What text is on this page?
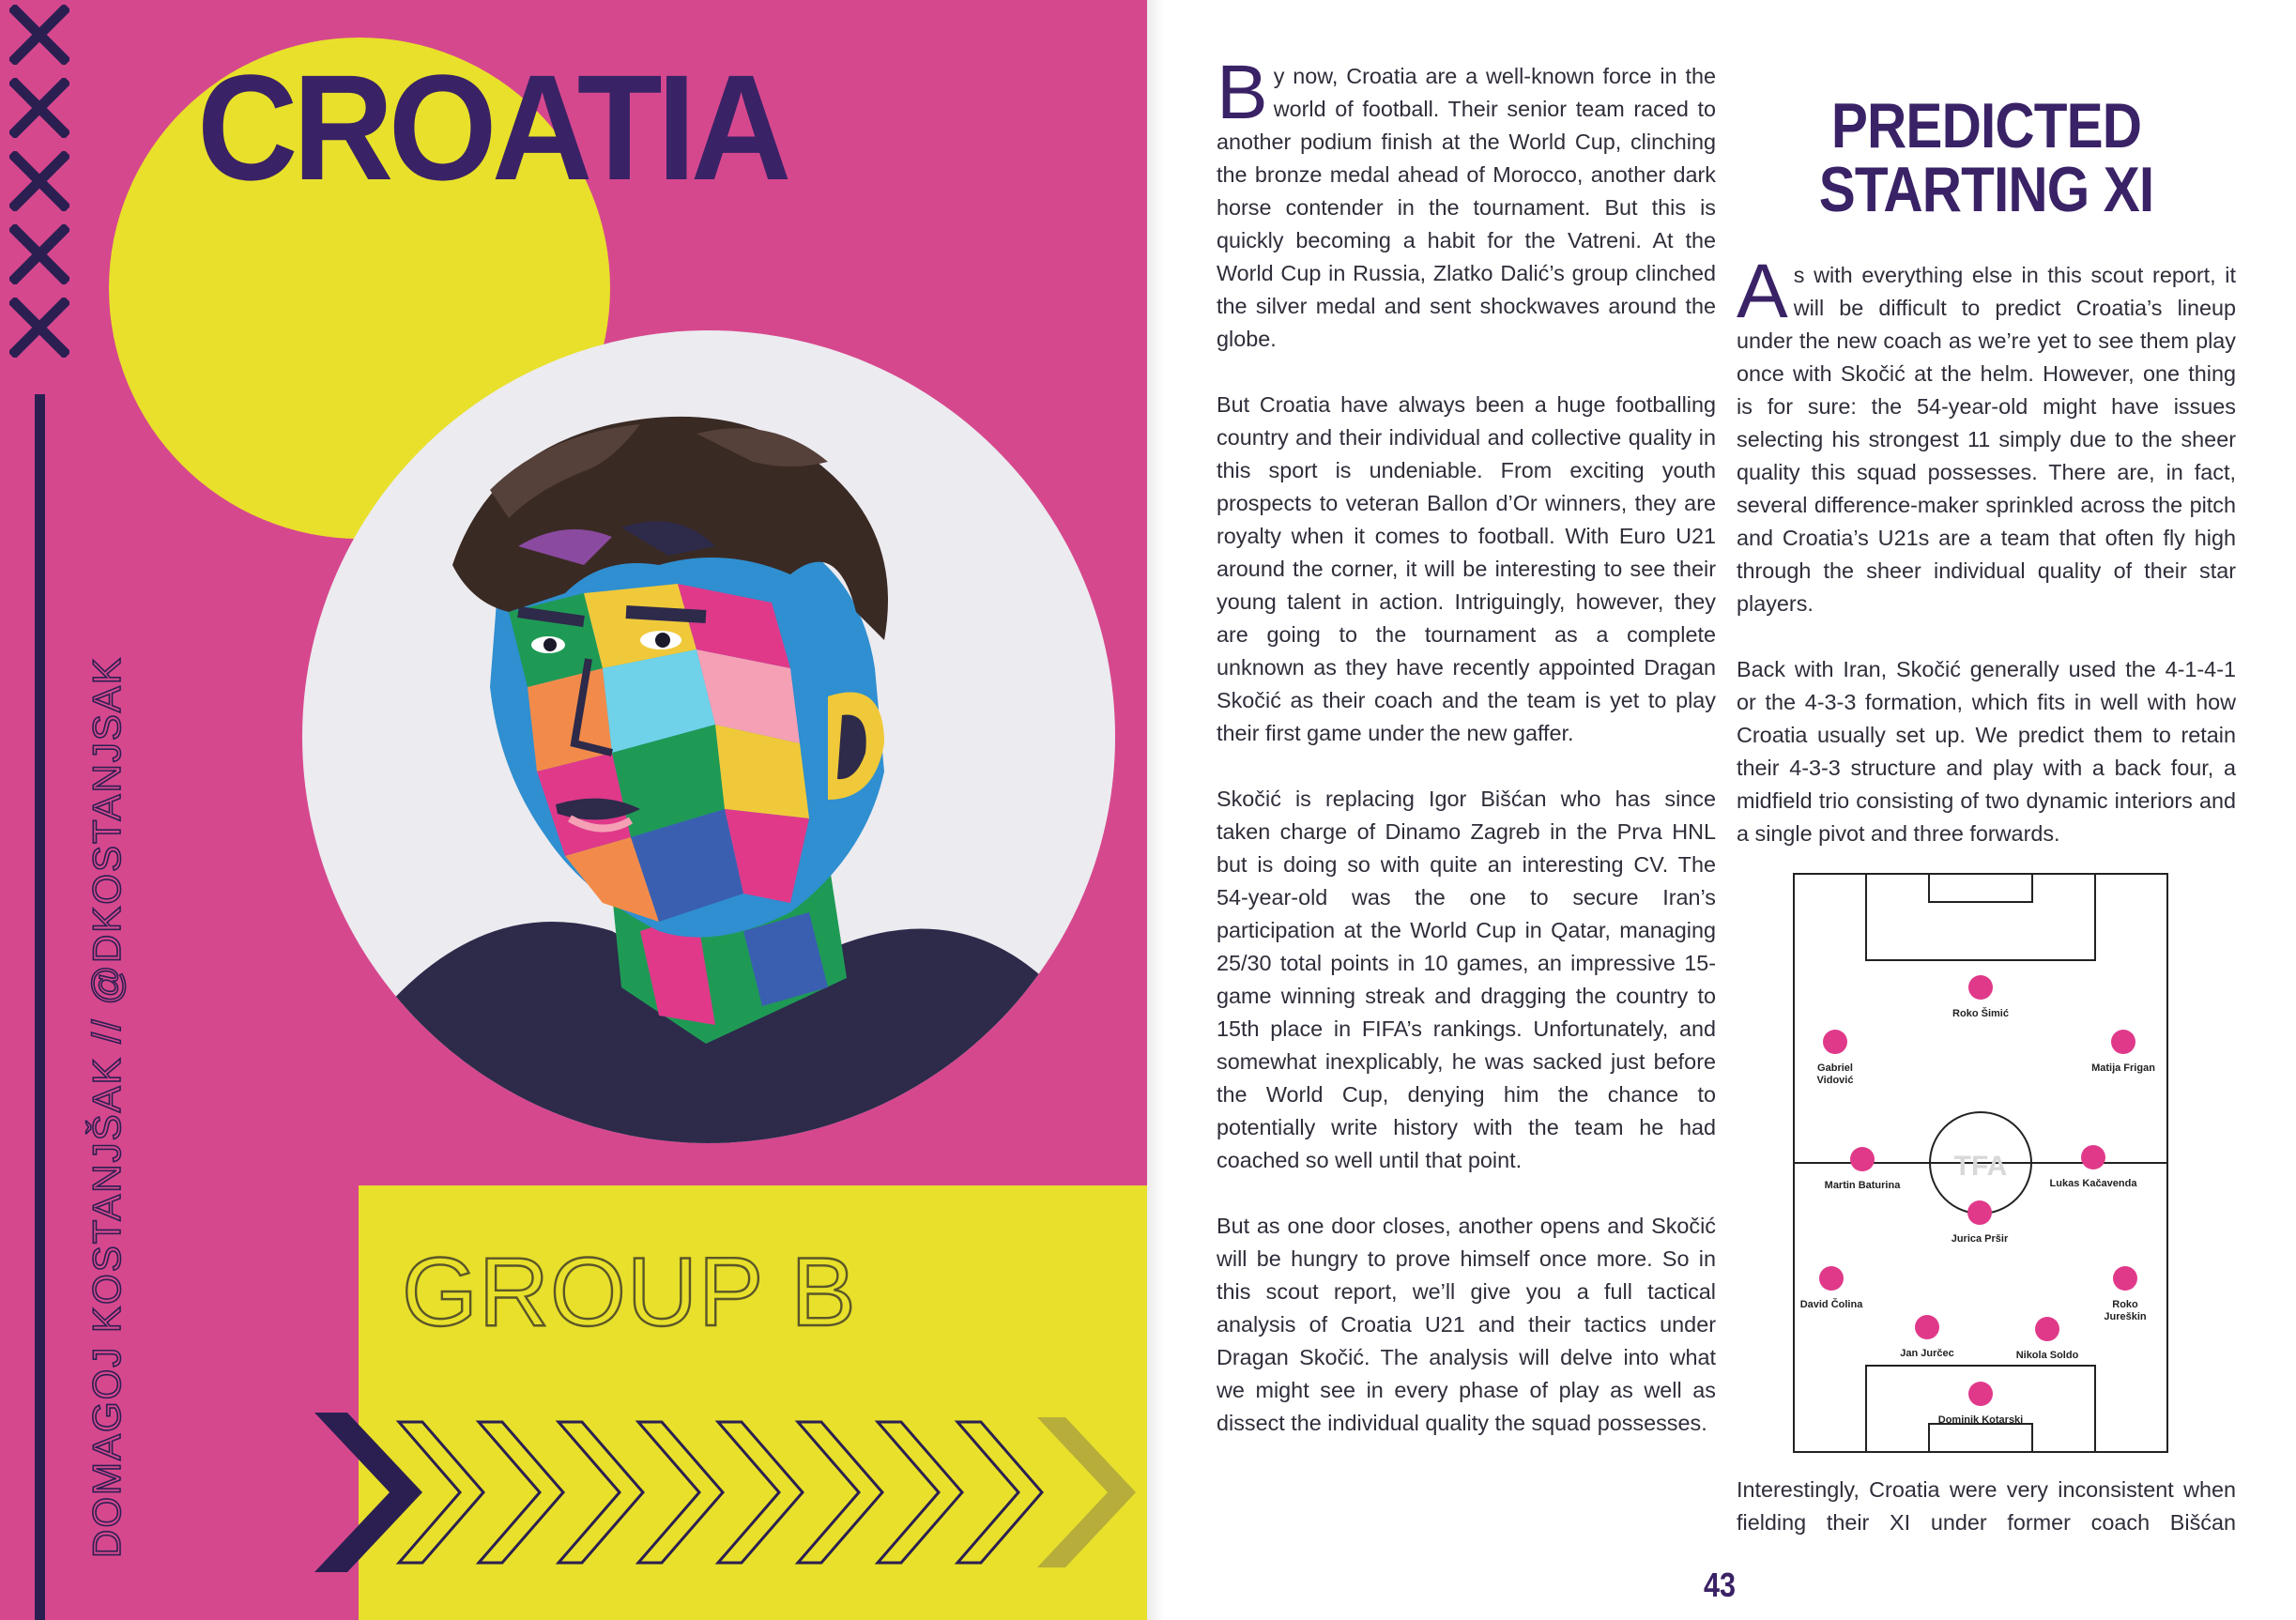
DOMAGOJ KOSTANJŠAK // @DKOSTANJSAK
CROATIA
GROUP B

By now, Croatia are a well-known force in the world of football. Their senior team raced to another podium finish at the World Cup, clinching the bronze medal ahead of Morocco, another dark horse contender in the tournament. But this is quickly becoming a habit for the Vatreni. At the World Cup in Russia, Zlatko Dalić’s group clinched the silver medal and sent shockwaves around the globe.

But Croatia have always been a huge footballing country and their individual and collective quality in this sport is undeniable. From exciting youth prospects to veteran Ballon d’Or winners, they are royalty when it comes to football. With Euro U21 around the corner, it will be interesting to see their young talent in action. Intriguingly, however, they are going to the tournament as a complete unknown as they have recently appointed Dragan Skočić as their coach and the team is yet to play their first game under the new gaffer.

Skočić is replacing Igor Bišćan who has since taken charge of Dinamo Zagreb in the Prva HNL but is doing so with quite an interesting CV. The 54-year-old was the one to secure Iran’s participation at the World Cup in Qatar, managing 25/30 total points in 10 games, an impressive 15-game winning streak and dragging the country to 15th place in FIFA’s rankings. Unfortunately, and somewhat inexplicably, he was sacked just before the World Cup, denying him the chance to potentially write history with the team he had coached so well until that point.

But as one door closes, another opens and Skočić will be hungry to prove himself once more. So in this scout report, we’ll give you a full tactical analysis of Croatia U21 and their tactics under Dragan Skočić. The analysis will delve into what we might see in every phase of play as well as dissect the individual quality the squad possesses.

PREDICTED
STARTING XI

As with everything else in this scout report, it will be difficult to predict Croatia’s lineup under the new coach as we’re yet to see them play once with Skočić at the helm. However, one thing is for sure: the 54-year-old might have issues selecting his strongest 11 simply due to the sheer quality this squad possesses. There are, in fact, several difference-maker sprinkled across the pitch and Croatia’s U21s are a team that often fly high through the sheer individual quality of their star players.

Back with Iran, Skočić generally used the 4-1-4-1 or the 4-3-3 formation, which fits in well with how Croatia usually set up. We predict them to retain their 4-3-3 structure and play with a back four, a midfield trio consisting of two dynamic interiors and a single pivot and three forwards.

TFA
Roko Šimić
Gabriel
Vidović
Matija Frigan
Martin Baturina	Lukas Kačavenda
Jurica Pršir
David Čolina	Roko
Jureškin
Jan Jurčec	Nikola Soldo
Dominik Kotarski
Interestingly, Croatia were very inconsistent when fielding their XI under former coach Bišćan
43
